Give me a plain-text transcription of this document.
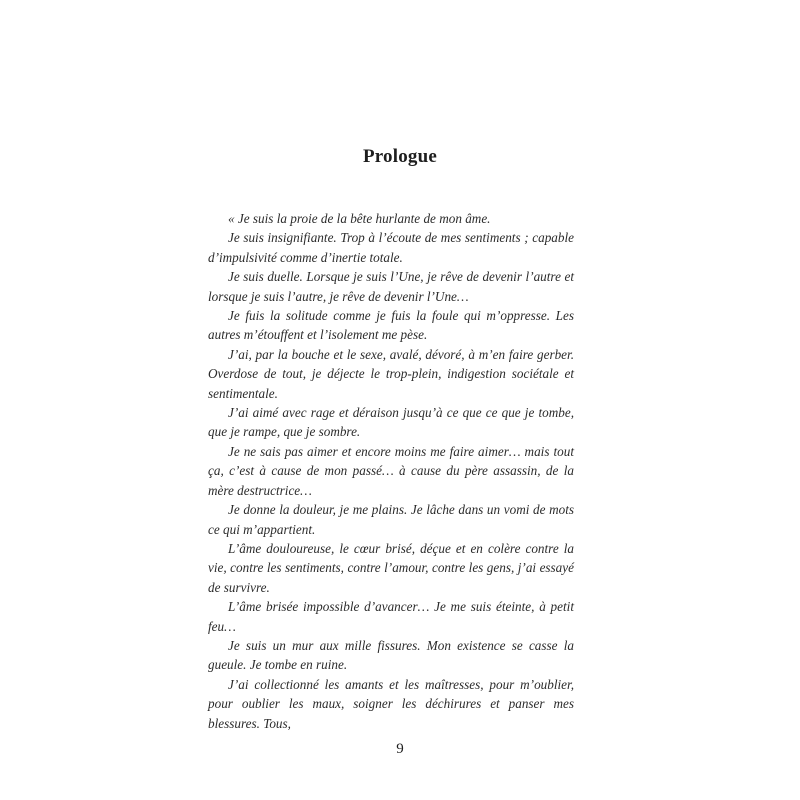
Prologue

« Je suis la proie de la bête hurlante de mon âme.

Je suis insignifiante. Trop à l’écoute de mes sentiments ; capable d’impulsivité comme d’inertie totale.

Je suis duelle. Lorsque je suis l’Une, je rêve de devenir l’autre et lorsque je suis l’autre, je rêve de devenir l’Une…

Je fuis la solitude comme je fuis la foule qui m’oppresse. Les autres m’étouffent et l’isolement me pèse.

J’ai, par la bouche et le sexe, avalé, dévoré, à m’en faire gerber. Overdose de tout, je déjecte le trop-plein, indigestion sociétale et sentimentale.

J’ai aimé avec rage et déraison jusqu’à ce que ce que je tombe, que je rampe, que je sombre.

Je ne sais pas aimer et encore moins me faire aimer… mais tout ça, c’est à cause de mon passé… à cause du père assassin, de la mère destructrice…

Je donne la douleur, je me plains. Je lâche dans un vomi de mots ce qui m’appartient.

L’âme douloureuse, le cœur brisé, déçue et en colère contre la vie, contre les sentiments, contre l’amour, contre les gens, j’ai essayé de survivre.

L’âme brisée impossible d’avancer… Je me suis éteinte, à petit feu…

Je suis un mur aux mille fissures. Mon existence se casse la gueule. Je tombe en ruine.

J’ai collectionné les amants et les maîtresses, pour m’oublier, pour oublier les maux, soigner les déchirures et panser mes blessures. Tous,

9
